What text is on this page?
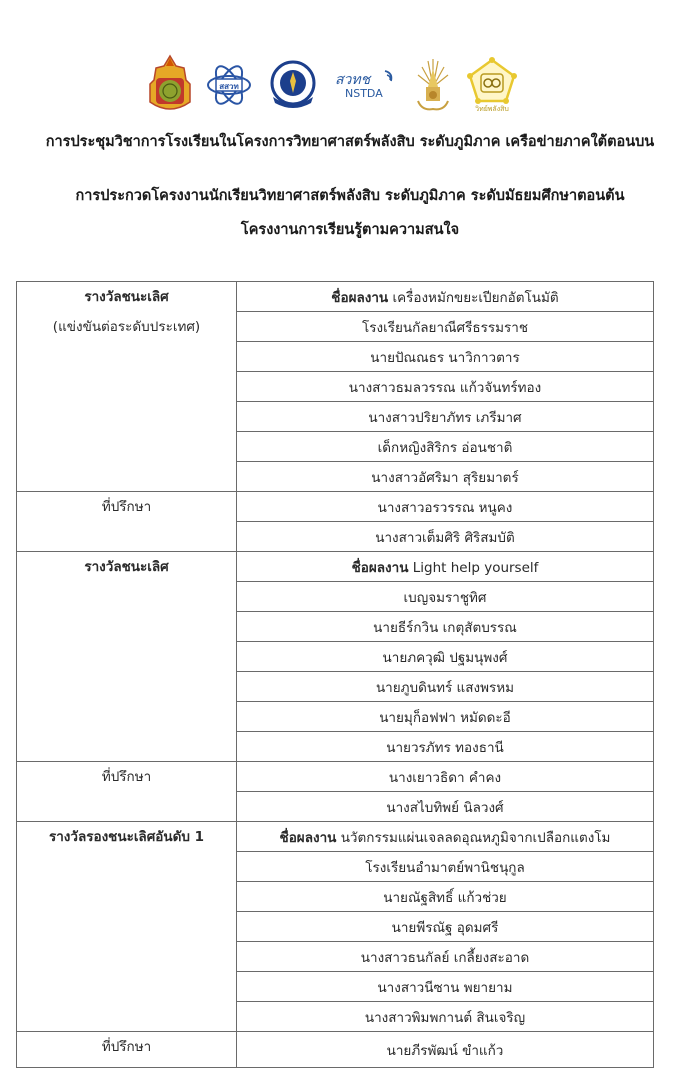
สสวท	สวทช
NSTDA
วิทย์พลังสิบ
การประชุมวิชาการโรงเรียนในโครงการวิทยาศาสตร์พลังสิบ ระดับภูมิภาค เครือข่ายภาคใต้ตอนบน
การประกวดโครงงานนักเรียนวิทยาศาสตร์พลังสิบ ระดับภูมิภาค ระดับมัธยมศึกษาตอนต้น
โครงงานการเรียนรู้ตามความสนใจ
รางวัลชนะเลิศ
(แข่งขันต่อระดับประเทศ)	ชื่อผลงาน เครื่องหมักขยะเปียกอัตโนมัติ
	โรงเรียนกัลยาณีศรีธรรมราช
	นายปัณณธร นาวิกาวตาร
	นางสาวธมลวรรณ แก้วจันทร์ทอง
	นางสาวปริยาภัทร เภรีมาศ
	เด็กหญิงสิริกร อ่อนชาติ
	นางสาวอัศริมา สุริยมาตร์

ที่ปรึกษา	นางสาวอรวรรณ หนูคง
	นางสาวเต็มศิริ ศิริสมบัติ

รางวัลชนะเลิศ	ชื่อผลงาน Light help yourself
	เบญจมราชูทิศ
	นายธีร์กวิน เกตุสัตบรรณ
	นายภควุฒิ ปฐมนุพงศ์
	นายภูบดินทร์ แสงพรหม
	นายมุก็อฟฟา หมัดดะอี
	นายวรภัทร ทองธานี

ที่ปรึกษา	นางเยาวธิดา คำคง
	นางสไบทิพย์ นิลวงศ์

รางวัลรองชนะเลิศอันดับ 1	ชื่อผลงาน นวัตกรรมแผ่นเจลลดอุณหภูมิจากเปลือกแตงโม
	โรงเรียนอำมาตย์พานิชนุกูล
	นายณัฐสิทธิ์ แก้วช่วย
	นายพีรณัฐ อุดมศรี
	นางสาวธนกัลย์ เกลี้ยงสะอาด
	นางสาวนีซาน พยายาม
	นางสาวพิมพกานต์ สินเจริญ

ที่ปรึกษา	นายภีรพัฒน์ ขำแก้ว
